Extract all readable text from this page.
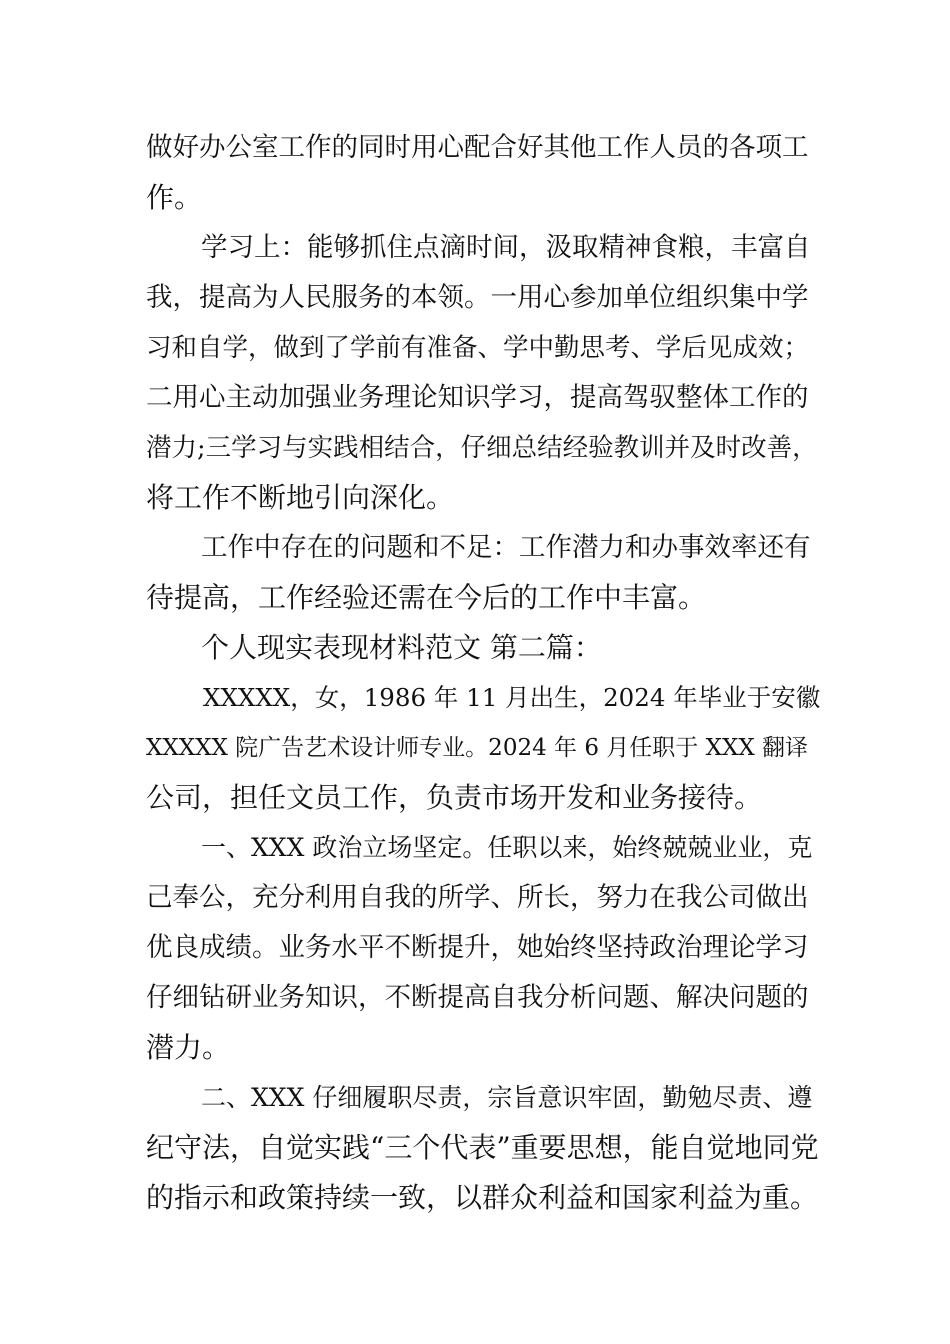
做好办公室工作的同时用心配合好其他工作人员的各项工

作。

学习上：能够抓住点滴时间，汲取精神食粮，丰富自

我，提高为人民服务的本领。一用心参加单位组织集中学

习和自学，做到了学前有准备、学中勤思考、学后见成效；

二用心主动加强业务理论知识学习，提高驾驭整体工作的

潜力;三学习与实践相结合，仔细总结经验教训并及时改善，

将工作不断地引向深化。

工作中存在的问题和不足：工作潜力和办事效率还有

待提高，工作经验还需在今后的工作中丰富。

个人现实表现材料范文 第二篇：

XXXXX，女，1986 年 11 月出生，2024 年毕业于安徽

XXXXX 院广告艺术设计师专业。2024 年 6 月任职于 XXX 翻译

公司，担任文员工作，负责市场开发和业务接待。

一、XXX 政治立场坚定。任职以来，始终兢兢业业，克

己奉公，充分利用自我的所学、所长，努力在我公司做出

优良成绩。业务水平不断提升，她始终坚持政治理论学习

仔细钻研业务知识，不断提高自我分析问题、解决问题的

潜力。

二、XXX 仔细履职尽责，宗旨意识牢固，勤勉尽责、遵

纪守法，自觉实践“三个代表”重要思想，能自觉地同党

的指示和政策持续一致，以群众利益和国家利益为重。
